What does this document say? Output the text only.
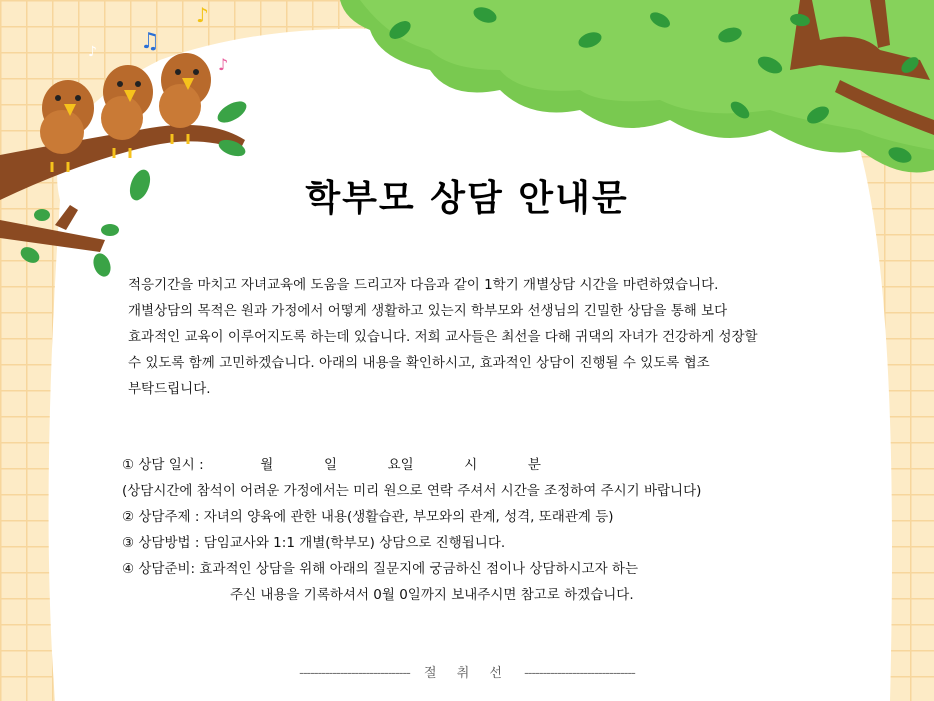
♫
♪
♪
♪
학부모 상담 안내문
적응기간을 마치고 자녀교육에 도움을 드리고자 다음과 같이 1학기 개별상담 시간을 마련하였습니다.
개별상담의 목적은 원과 가정에서 어떻게 생활하고 있는지 학부모와 선생님의 긴밀한 상담을 통해 보다
효과적인 교육이 이루어지도록 하는데 있습니다. 저희 교사들은 최선을 다해 귀댁의 자녀가 건강하게 성장할
수 있도록 함께 고민하겠습니다. 아래의 내용을 확인하시고, 효과적인 상담이 진행될 수 있도록 협조
부탁드립니다.
① 상담 일시 :	월	일	요일	시	분
(상담시간에 참석이 어려운 가정에서는 미리 원으로 연락 주셔서 시간을 조정하여 주시기 바랍니다)
② 상담주제 : 자녀의 양육에 관한 내용(생활습관, 부모와의 관계, 성격, 또래관계 등)
③ 상담방법 : 담임교사와 1:1 개별(학부모) 상담으로 진행됩니다.
④ 상담준비: 효과적인 상담을 위해 아래의 질문지에 궁금하신 점이나 상담하시고자 하는
주신 내용을 기록하셔서 0월 0일까지 보내주시면 참고로 하겠습니다.
------------------------------ 절 취 선 ------------------------------
